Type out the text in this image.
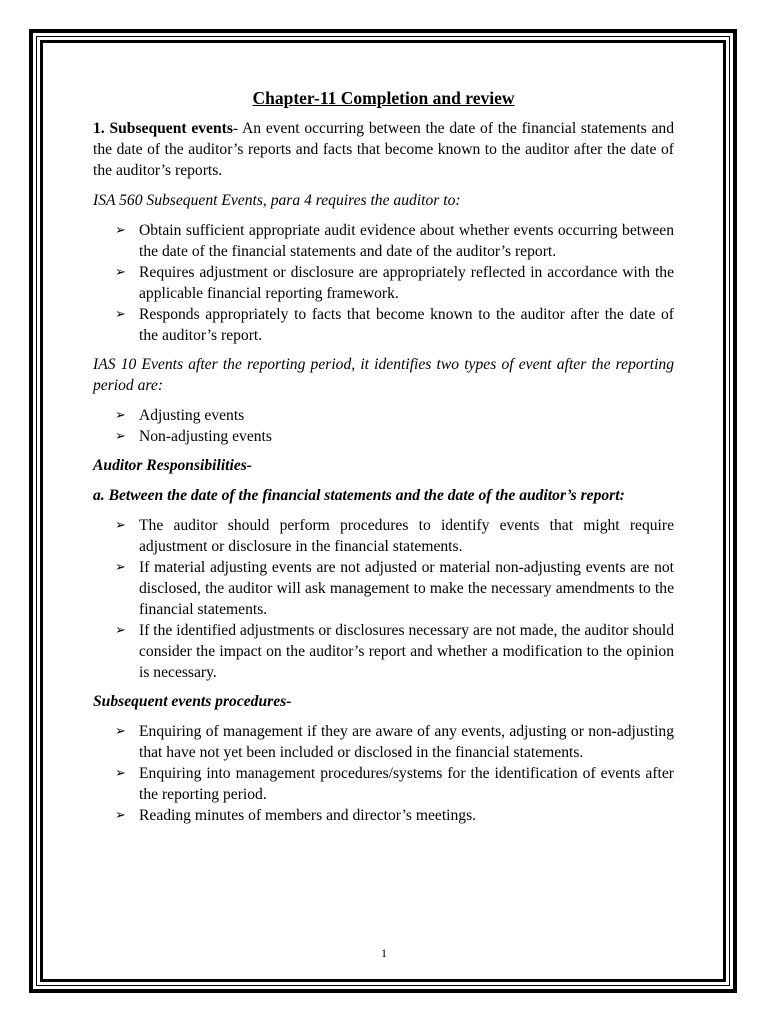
Chapter-11 Completion and review

1. Subsequent events- An event occurring between the date of the financial statements and the date of the auditor’s reports and facts that become known to the auditor after the date of the auditor’s reports.

ISA 560 Subsequent Events, para 4 requires the auditor to:

➢ Obtain sufficient appropriate audit evidence about whether events occurring between the date of the financial statements and date of the auditor’s report.
➢ Requires adjustment or disclosure are appropriately reflected in accordance with the applicable financial reporting framework.
➢ Responds appropriately to facts that become known to the auditor after the date of the auditor’s report.

IAS 10 Events after the reporting period, it identifies two types of event after the reporting period are:

➢ Adjusting events
➢ Non-adjusting events

Auditor Responsibilities-

a. Between the date of the financial statements and the date of the auditor’s report:

➢ The auditor should perform procedures to identify events that might require adjustment or disclosure in the financial statements.
➢ If material adjusting events are not adjusted or material non-adjusting events are not disclosed, the auditor will ask management to make the necessary amendments to the financial statements.
➢ If the identified adjustments or disclosures necessary are not made, the auditor should consider the impact on the auditor’s report and whether a modification to the opinion is necessary.

Subsequent events procedures-

➢ Enquiring of management if they are aware of any events, adjusting or non-adjusting that have not yet been included or disclosed in the financial statements.
➢ Enquiring into management procedures/systems for the identification of events after the reporting period.
➢ Reading minutes of members and director’s meetings.
1
